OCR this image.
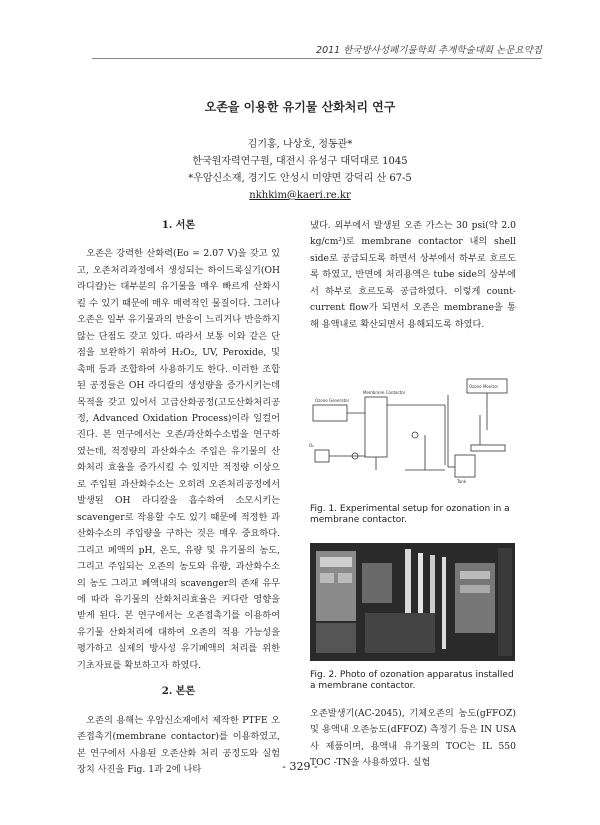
2011 한국방사성폐기물학회 추계학술대회 논문요약집
오존을 이용한 유기물 산화처리 연구
김기홍, 나상호, 정동관*
한국원자력연구원, 대전시 유성구 대덕대로 1045
*우암신소재, 경기도 안성시 미양면 강덕리 산 67-5
nkhkim@kaeri.re.kr
1. 서론

오존은 강력한 산화력(Eo = 2.07 V)을 갖고 있고, 오존처리과정에서 생성되는 하이드록실기(OH 라디칼)는 대부분의 유기물을 매우 빠르게 산화시킬 수 있기 때문에 매우 매력적인 물질이다. 그러나 오존은 일부 유기물과의 반응이 느리거나 반응하지 않는 단점도 갖고 있다. 따라서 보통 이와 같은 단점을 보완하기 위하여 H₂O₂, UV, Peroxide, 및 촉매 등과 조합하여 사용하기도 한다. 이러한 조합된 공정들은 OH 라디칼의 생성량을 증가시키는데 목적을 갖고 있어서 고급산화공정(고도산화처리공정, Advanced Oxidation Process)이라 일컬어진다. 본 연구에서는 오존/과산화수소법을 연구하였는데, 적정량의 과산화수소 주입은 유기물의 산화처리 효율을 증가시킬 수 있지만 적정량 이상으로 주입된 과산화수소는 오히려 오존처리공정에서 발생된 OH 라디칼을 흡수하여 소모시키는 scavenger로 작용할 수도 있기 때문에 적정한 과산화수소의 주입량을 구하는 것은 매우 중요하다. 그리고 폐액의 pH, 온도, 유량 및 유기물의 농도, 그리고 주입되는 오존의 농도와 유량, 과산화수소의 농도 그리고 폐액내의 scavenger의 존재 유무에 따라 유기물의 산화처리효율은 커다란 영향을 받게 된다. 본 연구에서는 오존접촉기를 이용하여 유기물 산화처리에 대하여 오존의 적용 가능성을 평가하고 실제의 방사성 유기폐액의 처리를 위한 기초자료를 확보하고자 하였다.

2. 본론

오존의 용해는 우암신소재에서 제작한 PTFE 오존접촉기(membrane contactor)를 이용하였고, 본 연구에서 사용된 오존산화 처리 공정도와 실험장치 사진을 Fig. 1과 2에 나타

냈다. 외부에서 발생된 오존 가스는 30 psi(약 2.0 kg/cm²)로 membrane contactor 내의 shell side로 공급되도록 하면서 상부에서 하부로 흐르도록 하였고, 반면에 처리용액은 tube side의 상부에서 하부로 흐르도록 공급하였다. 이렇게 count-current flow가 되면서 오존은 membrane을 통해 용액내로 확산되면서 용해되도록 하였다.

Ozone Generator
Membrane Contactor
O₂
Tank
Ozone Monitor
Fig. 1. Experimental setup for ozonation in a membrane contactor.
Fig. 2. Photo of ozonation apparatus installed a membrane contactor.

오존발생기(AC-2045), 기체오존의 농도(gFFOZ)및 용액내 오존농도(dFFOZ) 측정기 등은 IN USA사 제품이며, 용액내 유기물의 TOC는 IL 550 TOC -TN을 사용하였다. 실험

- 329 -
